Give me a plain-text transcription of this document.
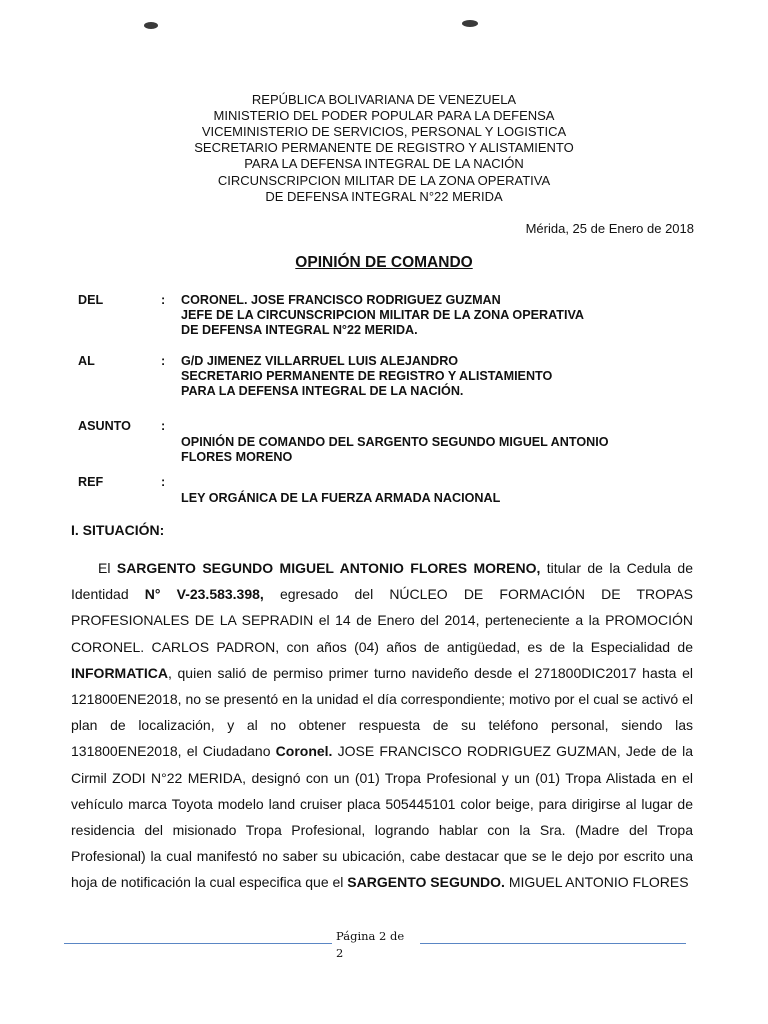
REPÚBLICA BOLIVARIANA DE VENEZUELA
MINISTERIO DEL PODER POPULAR PARA LA DEFENSA
VICEMINISTERIO DE SERVICIOS, PERSONAL Y LOGISTICA
SECRETARIO PERMANENTE DE REGISTRO Y ALISTAMIENTO
PARA LA DEFENSA INTEGRAL DE LA NACIÓN
CIRCUNSCRIPCION MILITAR DE LA ZONA OPERATIVA
DE DEFENSA INTEGRAL N°22 MERIDA
Mérida, 25 de Enero de 2018
OPINIÓN DE COMANDO
DEL	: CORONEL. JOSE FRANCISCO RODRIGUEZ GUZMAN
JEFE DE LA CIRCUNSCRIPCION MILITAR DE LA ZONA OPERATIVA
DE DEFENSA INTEGRAL N°22 MERIDA.
AL	: G/D JIMENEZ VILLARRUEL LUIS ALEJANDRO
SECRETARIO PERMANENTE DE REGISTRO Y ALISTAMIENTO
PARA LA DEFENSA INTEGRAL DE LA NACIÓN.
ASUNTO :
OPINIÓN DE COMANDO DEL SARGENTO SEGUNDO MIGUEL ANTONIO
FLORES MORENO
REF	:
LEY ORGÁNICA DE LA FUERZA ARMADA NACIONAL
I. SITUACIÓN:

El SARGENTO SEGUNDO MIGUEL ANTONIO FLORES MORENO, titular de la Cedula de Identidad N° V-23.583.398, egresado del NÚCLEO DE FORMACIÓN DE TROPAS PROFESIONALES DE LA SEPRADIN el 14 de Enero del 2014, perteneciente a la PROMOCIÓN CORONEL. CARLOS PADRON, con años (04) años de antigüedad, es de la Especialidad de INFORMATICA, quien salió de permiso primer turno navideño desde el 271800DIC2017 hasta el 121800ENE2018, no se presentó en la unidad el día correspondiente; motivo por el cual se activó el plan de localización, y al no obtener respuesta de su teléfono personal, siendo las 131800ENE2018, el Ciudadano Coronel. JOSE FRANCISCO RODRIGUEZ GUZMAN, Jede de la Cirmil ZODI N°22 MERIDA, designó con un (01) Tropa Profesional y un (01) Tropa Alistada en el vehículo marca Toyota modelo land cruiser placa 505445101 color beige, para dirigirse al lugar de residencia del misionado Tropa Profesional, logrando hablar con la Sra. (Madre del Tropa Profesional) la cual manifestó no saber su ubicación, cabe destacar que se le dejo por escrito una hoja de notificación la cual especifica que el SARGENTO SEGUNDO. MIGUEL ANTONIO FLORES

Página 2 de
2
